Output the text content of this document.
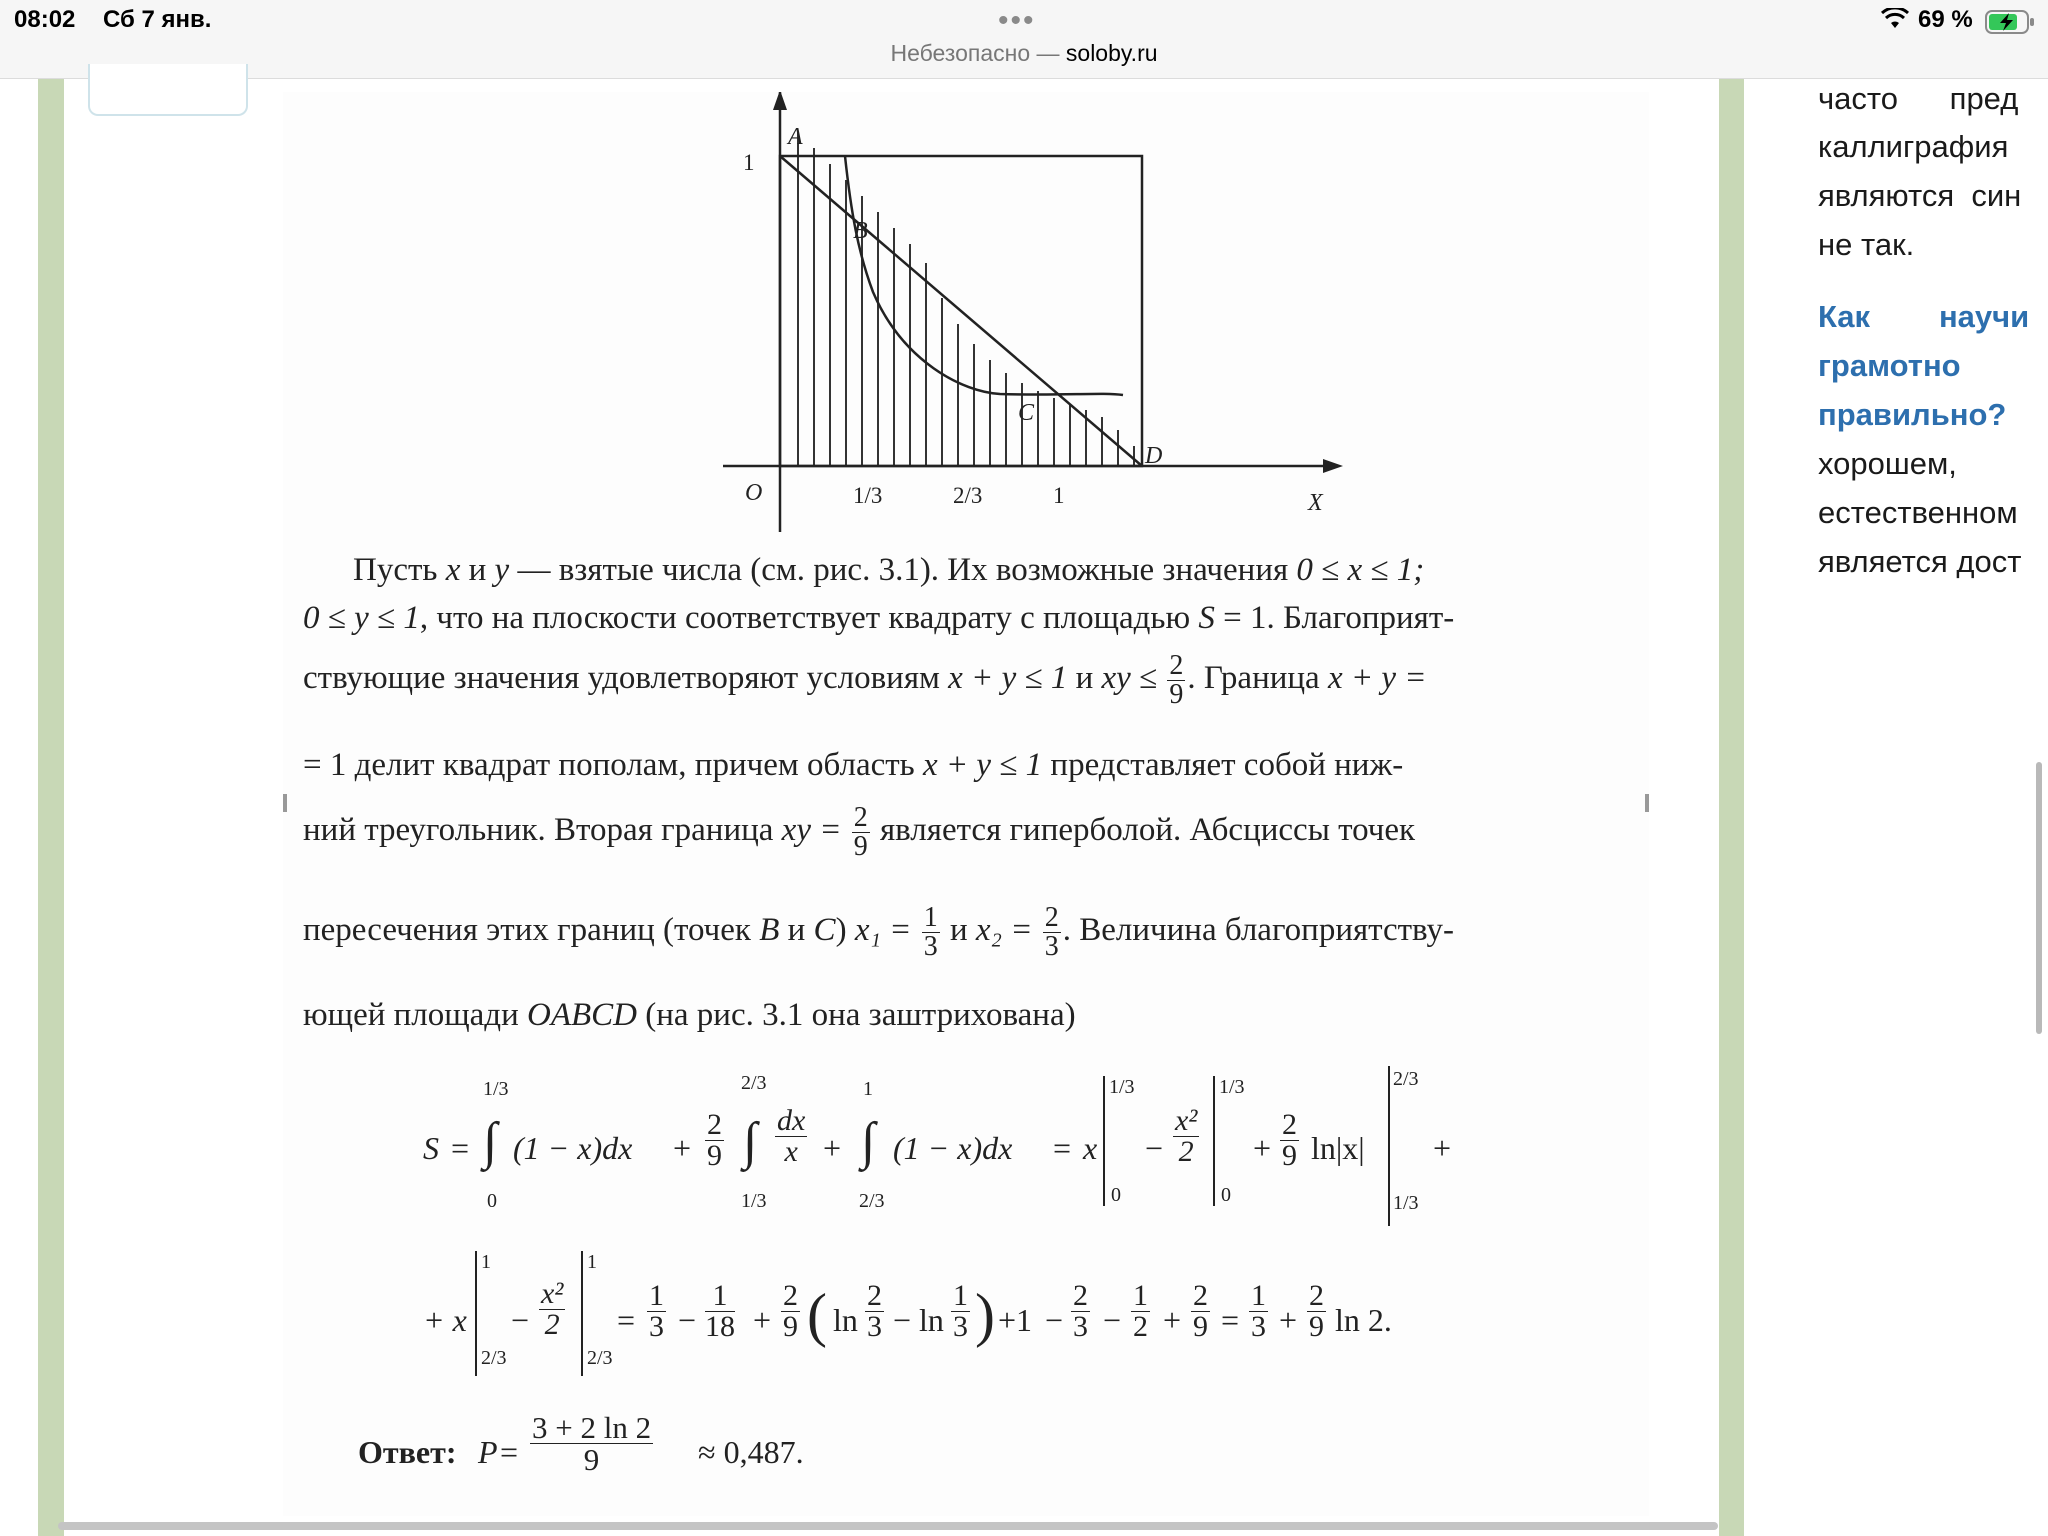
08:02 Сб 7 янв.	•••	69 %
Небезопасно — soloby.ru
A
B
C
D
O	X
1
1/3	2/3	1
Пусть x и y — взятые числа (см. рис. 3.1). Их возможные значения 0 ≤ x ≤ 1;
0 ≤ y ≤ 1, что на плоскости соответствует квадрату с площадью S = 1. Благоприят-
ствующие значения удовлетворяют условиям x + y ≤ 1 и xy ≤ $\frac{2}{9}$ . Граница x + y =
= 1 делит квадрат пополам, причем область x + y ≤ 1 представляет собой ниж-
ний треугольник. Вторая граница xy = $\frac{2}{9}$ является гиперболой. Абсциссы точек
пересечения этих границ (точек B и C) $x_1 = \frac{1}{3}$ и $x_2 = \frac{2}{3}$ . Величина благоприятству-
ющей площади OABCD (на рис. 3.1 она заштрихована)
S =
1/3
∫
0
$(1 - x)dx + \frac{2}{9}$
2/3
∫
1/3
$\frac{dx}{x}$ +
1
∫
2/3
(1 − x)dx = x
1/3
0
− $\frac{\text{x²}}{2}$
1/3
0
+ $\frac{2}{9} \ln|x|$
2/3
1/3
+
+ x
1
2/3
− $\frac{\text{x²}}{2}$
1
2/3
= $\frac{1}{3} - \frac{1}{18} + \frac{2}{9}$ ( $\ln \frac{2}{3} - \ln \frac{1}{3}$ ) $+1 - \frac{2}{3} - \frac{1}{2} + \frac{2}{9} = \frac{1}{3} + \frac{2}{9}$ ln 2.
Ответ: $P = \frac{3 + 2 \ln 2}{9} \approx 0,487$.
часто      пред
каллиграфия
являются  син
не так.
Как        научи
грамотно
правильно?
хорошем,
естественном
является дост
